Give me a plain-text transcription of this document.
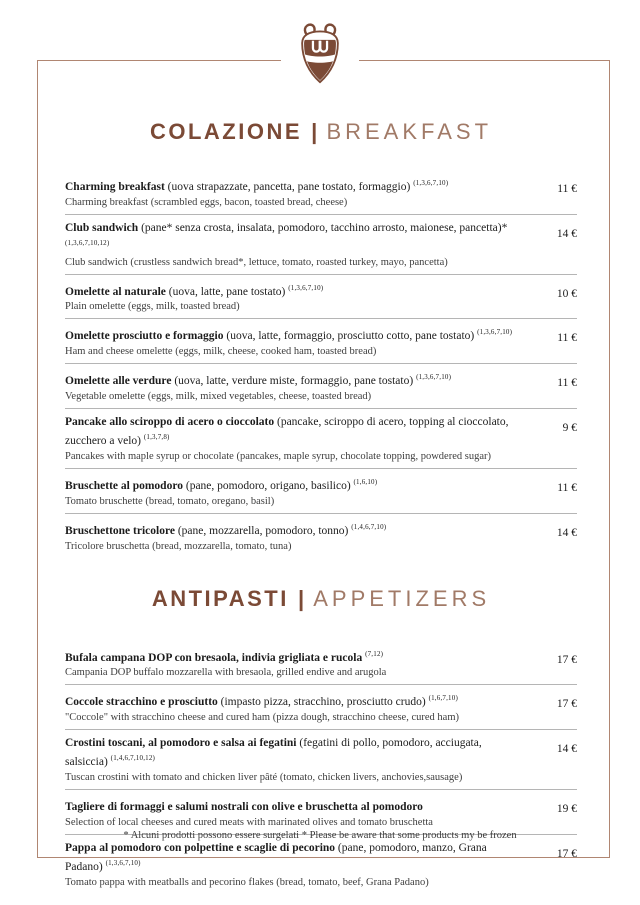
COLAZIONE | BREAKFAST
Charming breakfast (uova strapazzate, pancetta, pane tostato, formaggio) $^{(1,3,6,7,10)}$
Charming breakfast (scrambled eggs, bacon, toasted bread, cheese)
11 €
Club sandwich (pane* senza crosta, insalata, pomodoro, tacchino arrosto, maionese, pancetta)* $^{(1,3,6,7,10,12)}$
Club sandwich (crustless sandwich bread*, lettuce, tomato, roasted turkey, mayo, pancetta)
14 €
Omelette al naturale (uova, latte, pane tostato) $^{(1,3,6,7,10)}$
Plain omelette (eggs, milk, toasted bread)
10 €
Omelette prosciutto e formaggio (uova, latte, formaggio, prosciutto cotto, pane tostato) $^{(1,3,6,7,10)}$
Ham and cheese omelette (eggs, milk, cheese, cooked ham, toasted bread)
11 €
Omelette alle verdure (uova, latte, verdure miste, formaggio, pane tostato) $^{(1,3,6,7,10)}$
Vegetable omelette (eggs, milk, mixed vegetables, cheese, toasted bread)
11 €
Pancake allo sciroppo di acero o cioccolato (pancake, sciroppo di acero, topping al cioccolato, zucchero a velo) $^{(1,3,7,8)}$
Pancakes with maple syrup or chocolate (pancakes, maple syrup, chocolate topping, powdered sugar)
9 €
Bruschette al pomodoro (pane, pomodoro, origano, basilico) $^{(1,6,10)}$
Tomato bruschette (bread, tomato, oregano, basil)
11 €
Bruschettone tricolore (pane, mozzarella, pomodoro, tonno) $^{(1,4,6,7,10)}$
Tricolore bruschetta (bread, mozzarella, tomato, tuna)
14 €
ANTIPASTI | APPETIZERS
Bufala campana DOP con bresaola, indivia grigliata e rucola $^{(7,12)}$
Campania DOP buffalo mozzarella with bresaola, grilled endive and arugola
17 €
Coccole stracchino e prosciutto (impasto pizza, stracchino, prosciutto crudo) $^{(1,6,7,10)}$
"Coccole" with stracchino cheese and cured ham (pizza dough, stracchino cheese, cured ham)
17 €
Crostini toscani, al pomodoro e salsa ai fegatini (fegatini di pollo, pomodoro, acciugata, salsiccia) $^{(1,4,6,7,10,12)}$
Tuscan crostini with tomato and chicken liver pâté (tomato, chicken livers, anchovies,sausage)
14 €
Tagliere di formaggi e salumi nostrali con olive e bruschetta al pomodoro
Selection of local cheeses and cured meats with marinated olives and tomato bruschetta
19 €
Pappa al pomodoro con polpettine e scaglie di pecorino (pane, pomodoro, manzo, Grana Padano) $^{(1,3,6,7,10)}$
Tomato pappa with meatballs and pecorino flakes (bread, tomato, beef, Grana Padano)
17 €
* Alcuni prodotti possono essere surgelati * Please be aware that some products my be frozen
